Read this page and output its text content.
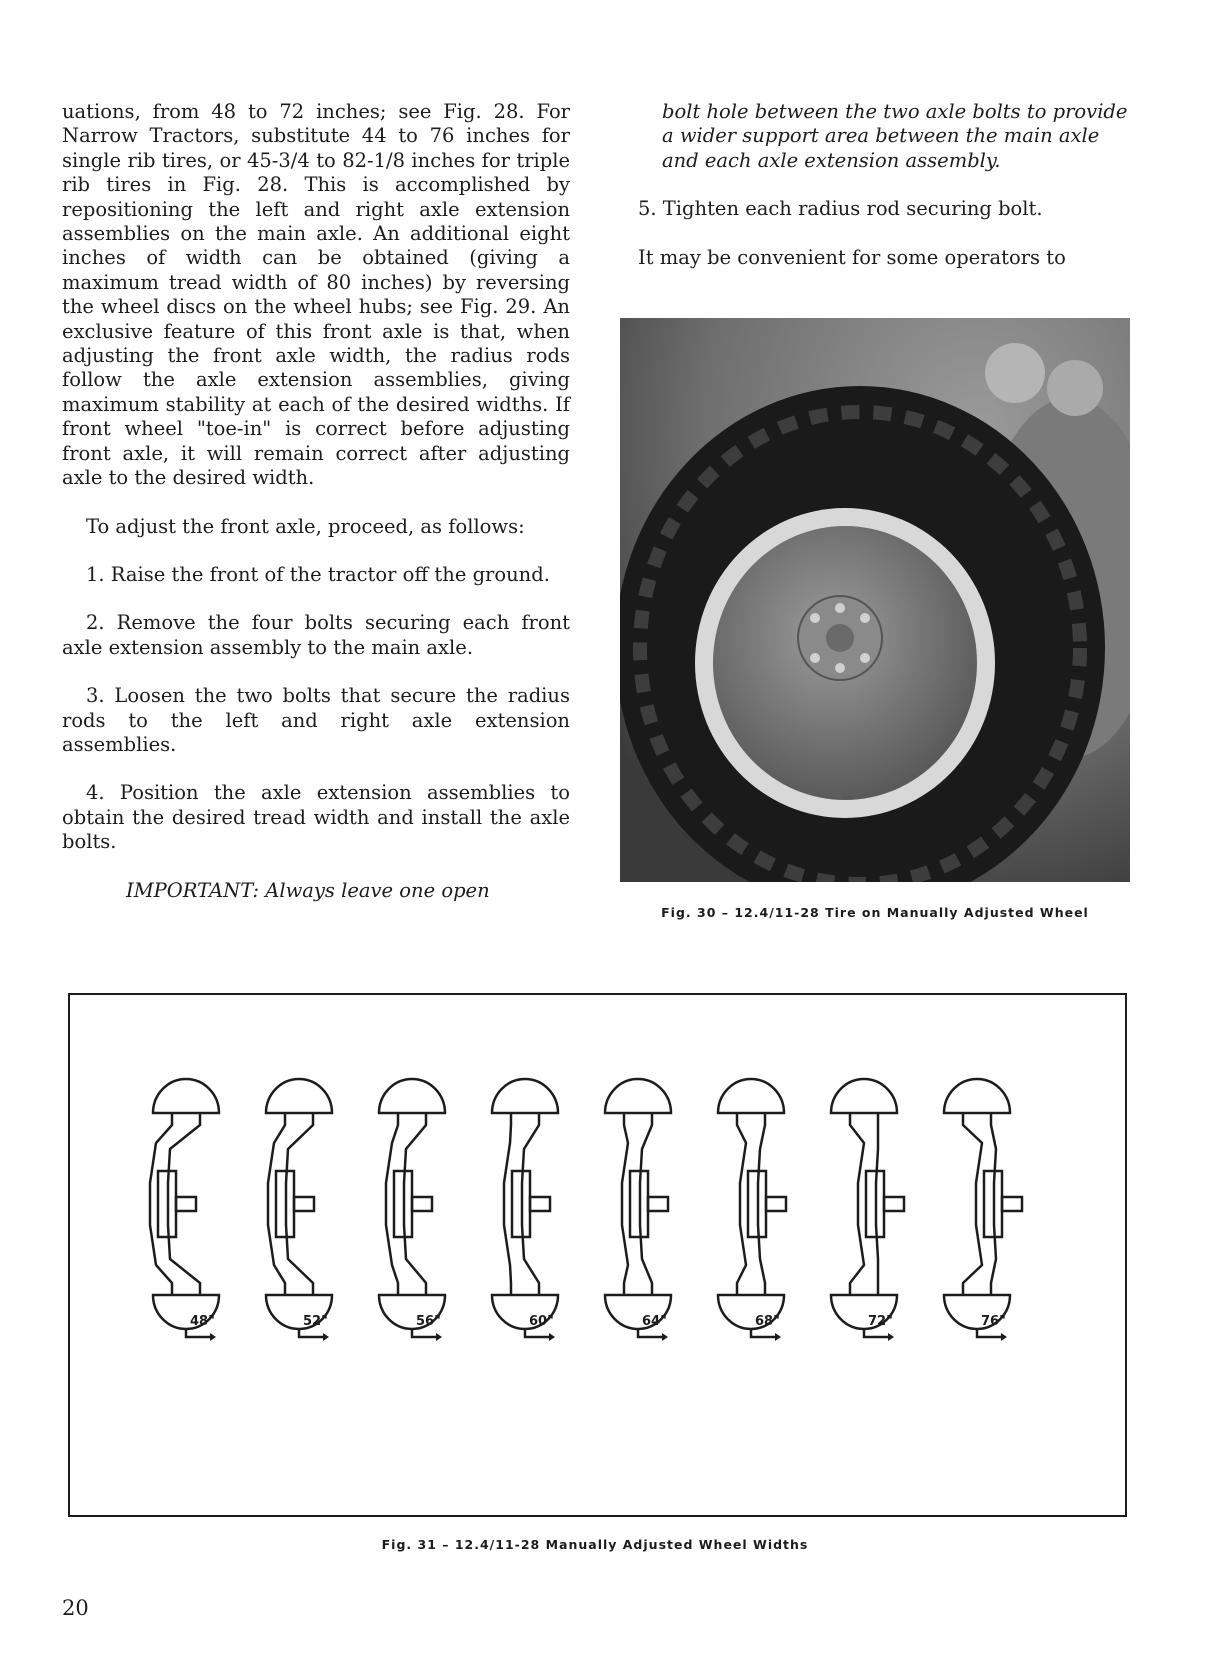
uations, from 48 to 72 inches; see Fig. 28. For Narrow Tractors, substitute 44 to 76 inches for single rib tires, or 45-3/4 to 82-1/8 inches for triple rib tires in Fig. 28. This is accomplished by repositioning the left and right axle extension assemblies on the main axle. An additional eight inches of width can be obtained (giving a maximum tread width of 80 inches) by reversing the wheel discs on the wheel hubs; see Fig. 29. An exclusive feature of this front axle is that, when adjusting the front axle width, the radius rods follow the axle extension assemblies, giving maximum stability at each of the desired widths. If front wheel "toe-in" is correct before adjusting front axle, it will remain correct after adjusting axle to the desired width.

To adjust the front axle, proceed, as follows:

1. Raise the front of the tractor off the ground.

2. Remove the four bolts securing each front axle extension assembly to the main axle.

3. Loosen the two bolts that secure the radius rods to the left and right axle extension assemblies.

4. Position the axle extension assemblies to obtain the desired tread width and install the axle bolts.

IMPORTANT: Always leave one open

bolt hole between the two axle bolts to provide a wider support area between the main axle and each axle extension assembly.

5. Tighten each radius rod securing bolt.

It may be convenient for some operators to

Fig. 30 – 12.4/11-28 Tire on Manually Adjusted Wheel
48"	52"	56"	60"	64"	68"	72"	76"
Fig. 31 – 12.4/11-28 Manually Adjusted Wheel Widths
20
